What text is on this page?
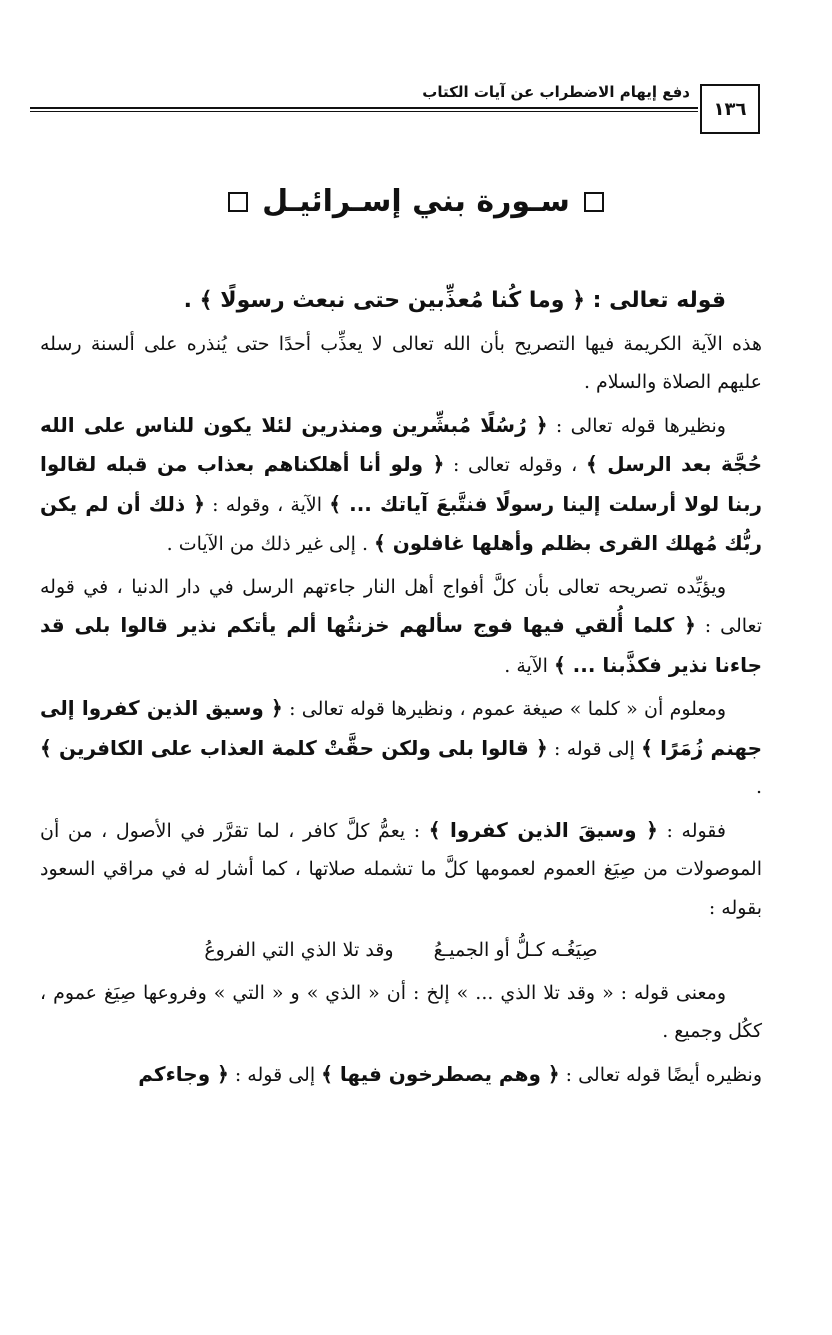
دفع إيهام الاضطراب عن آيات الكتاب
١٣٦
سـورة بني إسـرائيـل

قوله تعالى : ﴿ وما كُنا مُعذِّبين حتى نبعث رسولًا ﴾ .

هذه الآية الكريمة فيها التصريح بأن الله تعالى لا يعذِّب أحدًا حتى يُنذره على ألسنة رسله عليهم الصلاة والسلام .

ونظيرها قوله تعالى : ﴿ رُسُلًا مُبشِّرين ومنذرين لئلا يكون للناس على الله حُجَّة بعد الرسل ﴾ ، وقوله تعالى : ﴿ ولو أنا أهلكناهم بعذاب من قبله لقالوا ربنا لولا أرسلت إلينا رسولًا فنتَّبعَ آياتك ... ﴾ الآية ، وقوله : ﴿ ذلك أن لم يكن ربُّك مُهلك القرى بظلم وأهلها غافلون ﴾ . إلى غير ذلك من الآيات .

ويؤيِّده تصريحه تعالى بأن كلَّ أفواج أهل النار جاءتهم الرسل في دار الدنيا ، في قوله تعالى : ﴿ كلما أُلقي فيها فوج سألهم خزنتُها ألم يأتكم نذير قالوا بلى قد جاءنا نذير فكذَّبنا ... ﴾ الآية .

ومعلوم أن « كلما » صيغة عموم ، ونظيرها قوله تعالى : ﴿ وسيق الذين كفروا إلى جهنم زُمَرًا ﴾ إلى قوله : ﴿ قالوا بلى ولكن حقَّتْ كلمة العذاب على الكافرين ﴾ .

فقوله : ﴿ وسيقَ الذين كفروا ﴾ : يعمُّ كلَّ كافر ، لما تقرَّر في الأصول ، من أن الموصولات من صِيَغ العموم لعمومها كلَّ ما تشمله صلاتها ، كما أشار له في مراقي السعود بقوله :

صِيَغُـه كـلُّ أو الجميـعُ
وقد تلا الذي التي الفروعُ

ومعنى قوله : « وقد تلا الذي ... » إلخ : أن « الذي » و « التي » وفروعها صِيَغ عموم ، ككُل وجميع .

ونظيره أيضًا قوله تعالى : ﴿ وهم يصطرخون فيها ﴾ إلى قوله : ﴿ وجاءكم
